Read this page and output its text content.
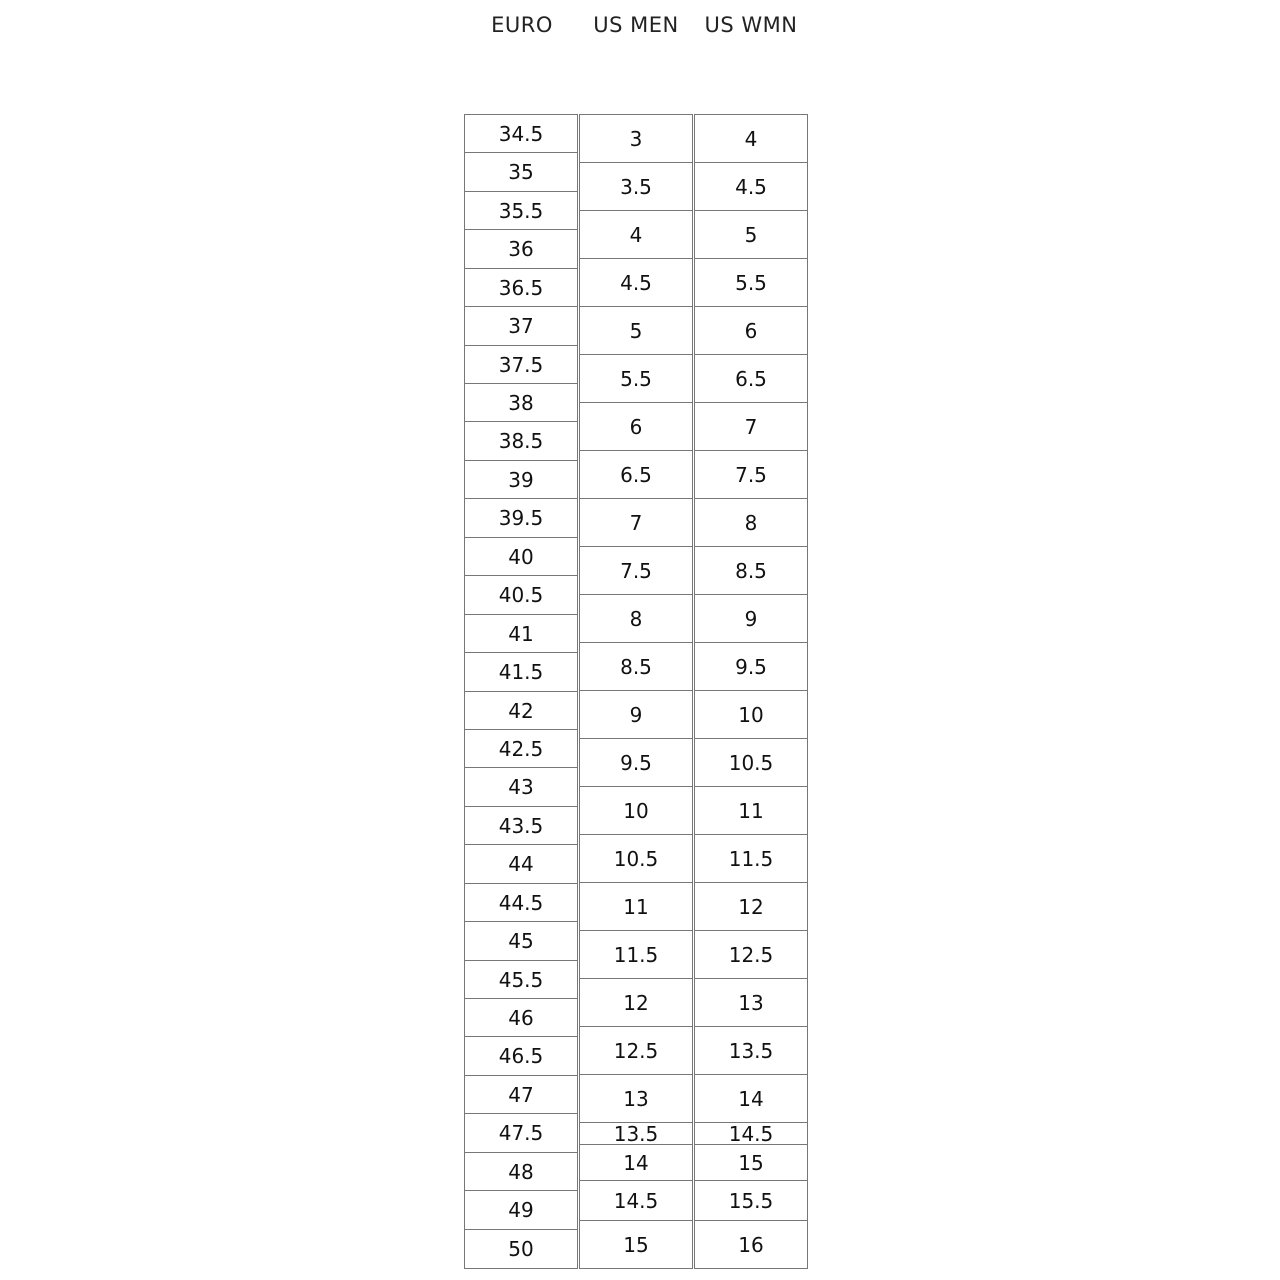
EURO	US MEN	US WMN
34.5
35
35.5
36
36.5
37
37.5
38
38.5
39
39.5
40
40.5
41
41.5
42
42.5
43
43.5
44
44.5
45
45.5
46
46.5
47
47.5
48
49
50
3
3.5
4
4.5
5
5.5
6
6.5
7
7.5
8
8.5
9
9.5
10
10.5
11
11.5
12
12.5
13
13.5
14
14.5
15
4
4.5
5
5.5
6
6.5
7
7.5
8
8.5
9
9.5
10
10.5
11
11.5
12
12.5
13
13.5
14
14.5
15
15.5
16
